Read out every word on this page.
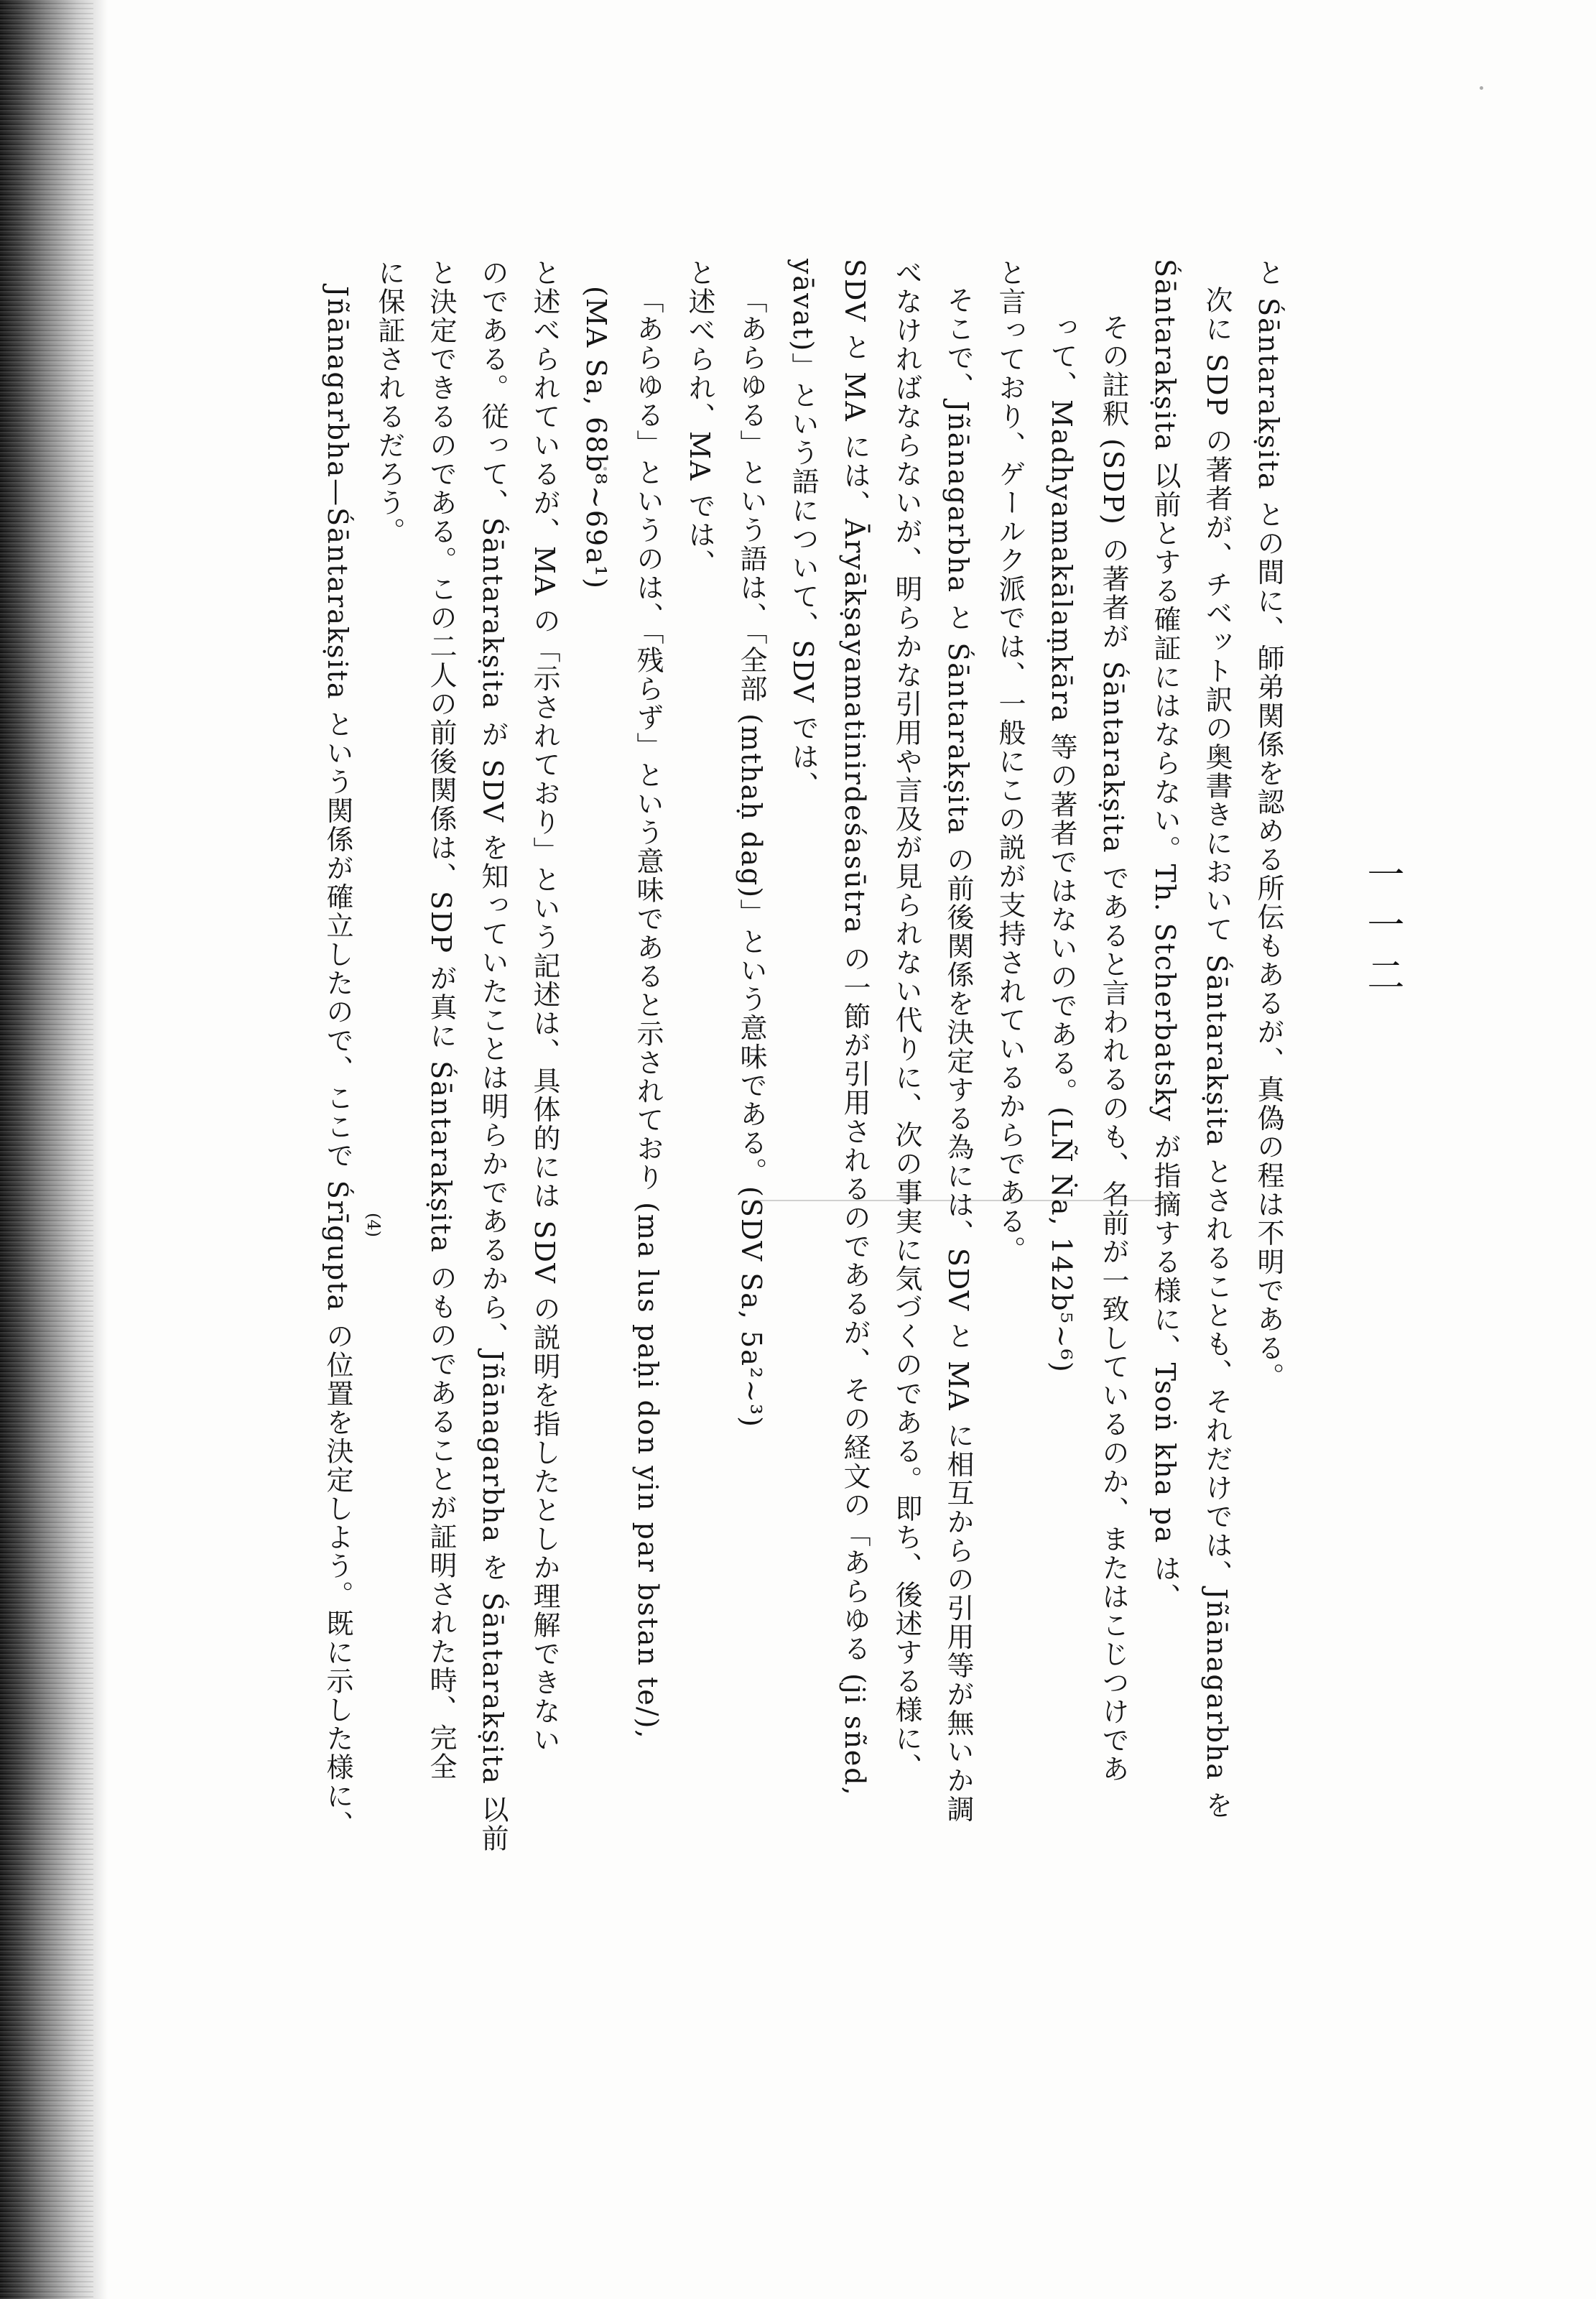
一一二
と Śāntarakṣita との間に、師弟関係を認める所伝もあるが、真偽の程は不明である。
次に SDP の著者が、チベット訳の奥書きにおいて Śāntarakṣita とされることも、それだけでは、Jñānagarbha を
Śāntarakṣita 以前とする確証にはならない。Th. Stcherbatsky が指摘する様に、Tsoṅ kha pa は、
その註釈 (SDP) の著者が Śāntarakṣita であると言われるのも、名前が一致しているのか、またはこじつけであ
って、Madhyamakālaṃkāra 等の著者ではないのである。(LÑ Ṅa, 142b⁵~⁶)
と言っており、ゲールク派では、一般にこの説が支持されているからである。
そこで、Jñānagarbha と Śāntarakṣita の前後関係を決定する為には、SDV と MA に相互からの引用等が無いか調
べなければならないが、明らかな引用や言及が見られない代りに、次の事実に気づくのである。即ち、後述する様に、
SDV と MA には、Āryākṣayamatinirdeśasūtra の一節が引用されるのであるが、その経文の「あらゆる (ji sñed,
yāvat)」という語について、SDV では、
「あらゆる」という語は、「全部 (mthaḥ dag)」という意味である。(SDV Sa, 5a²~³)
と述べられ、MA では、
「あらゆる」というのは、「残らず」という意味であると示されており (ma lus paḥi don yin par bstan te/),
(MA Sa, 68b⁸~69a¹)
と述べられているが、MA の「示されており」という記述は、具体的には SDV の説明を指したとしか理解できない
のである。従って、Śāntarakṣita が SDV を知っていたことは明らかであるから、Jñānagarbha を Śāntarakṣita 以前
と決定できるのである。この二人の前後関係は、SDP が真に Śāntarakṣita のものであることが証明された時、完全
に保証されるだろう。
Jñānagarbha—Śāntarakṣita という関係が確立したので、ここで Śrīgupta の位置を決定しよう。既に示した様に、 (4)
